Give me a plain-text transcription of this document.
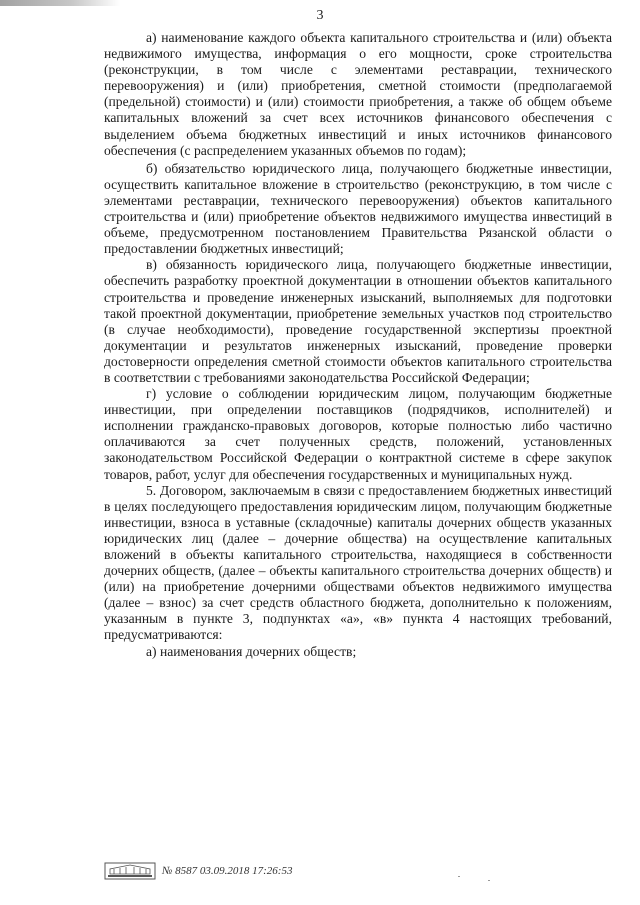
3

а) наименование каждого объекта капитального строительства и (или) объекта недвижимого имущества, информация о его мощности, сроке строительства (реконструкции, в том числе с элементами реставрации, технического перевооружения) и (или) приобретения, сметной стоимости (предполагаемой (предельной) стоимости) и (или) стоимости приобретения, а также об общем объеме капитальных вложений за счет всех источников финансового обеспечения с выделением объема бюджетных инвестиций и иных источников финансового обеспечения (с распределением указанных объемов по годам);

б) обязательство юридического лица, получающего бюджетные инвестиции, осуществить капитальное вложение в строительство (реконструкцию, в том числе с элементами реставрации, технического перевооружения) объектов капитального строительства и (или) приобретение объектов недвижимого имущества инвестиций в объеме, предусмотренном постановлением Правительства Рязанской области о предоставлении бюджетных инвестиций;

в) обязанность юридического лица, получающего бюджетные инвестиции, обеспечить разработку проектной документации в отношении объектов капитального строительства и проведение инженерных изысканий, выполняемых для подготовки такой проектной документации, приобретение земельных участков под строительство (в случае необходимости), проведение государственной экспертизы проектной документации и результатов инженерных изысканий, проведение проверки достоверности определения сметной стоимости объектов капитального строительства в соответствии с требованиями законодательства Российской Федерации;

г) условие о соблюдении юридическим лицом, получающим бюджетные инвестиции, при определении поставщиков (подрядчиков, исполнителей) и исполнении гражданско-правовых договоров, которые полностью либо частично оплачиваются за счет полученных средств, положений, установленных законодательством Российской Федерации о контрактной системе в сфере закупок товаров, работ, услуг для обеспечения государственных и муниципальных нужд.

5. Договором, заключаемым в связи с предоставлением бюджетных инвестиций в целях последующего предоставления юридическим лицом, получающим бюджетные инвестиции, взноса в уставные (складочные) капиталы дочерних обществ указанных юридических лиц (далее – дочерние общества) на осуществление капитальных вложений в объекты капитального строительства, находящиеся в собственности дочерних обществ, (далее – объекты капитального строительства дочерних обществ) и (или) на приобретение дочерними обществами объектов недвижимого имущества (далее – взнос) за счет средств областного бюджета, дополнительно к положениям, указанным в пункте 3, подпунктах «а», «в» пункта 4 настоящих требований, предусматриваются:

а) наименования дочерних обществ;

№ 8587 03.09.2018 17:26:53
